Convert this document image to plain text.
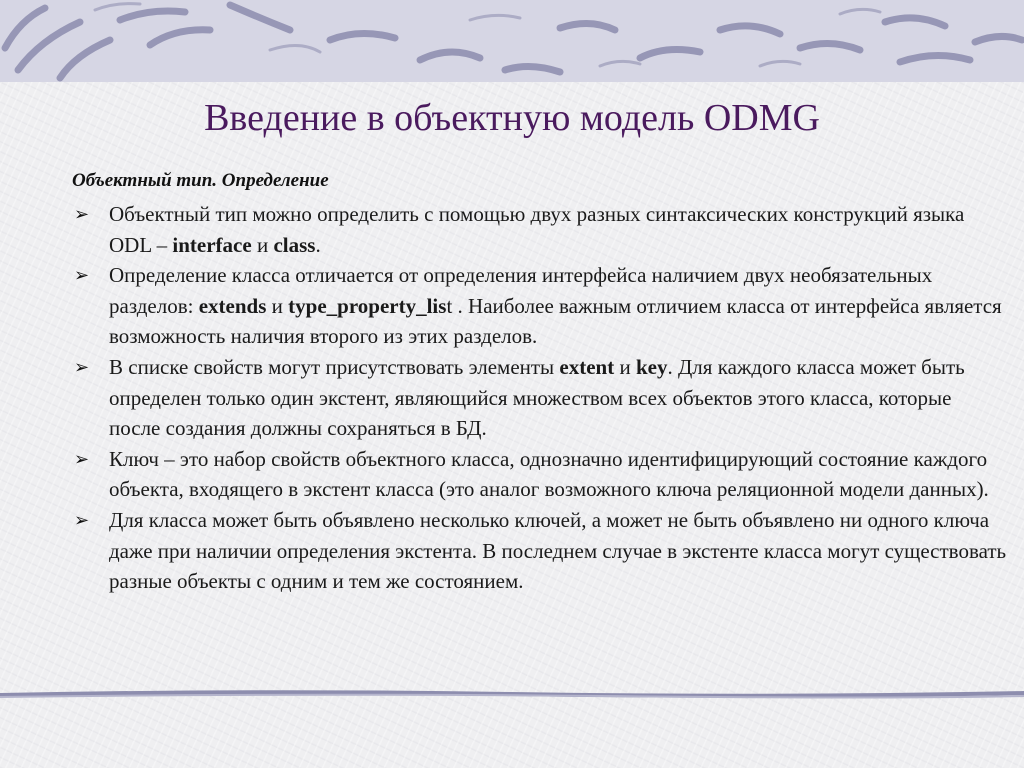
Введение в объектную модель ODMG
Объектный тип. Определение
➢ Объектный тип можно определить с помощью двух разных синтаксических конструкций языка ODL – interface и class.
➢ Определение класса отличается от определения интерфейса наличием двух необязательных разделов: extends и type_property_list . Наиболее важным отличием класса от интерфейса является возможность наличия второго из этих разделов.
➢ В списке свойств могут присутствовать элементы extent и key. Для каждого класса может быть определен только один экстент, являющийся множеством всех объектов этого класса, которые после создания должны сохраняться в БД.
➢ Ключ – это набор свойств объектного класса, однозначно идентифицирующий состояние каждого объекта, входящего в экстент класса (это аналог возможного ключа реляционной модели данных).
➢ Для класса может быть объявлено несколько ключей, а может не быть объявлено ни одного ключа даже при наличии определения экстента. В последнем случае в экстенте класса могут существовать разные объекты с одним и тем же состоянием.
